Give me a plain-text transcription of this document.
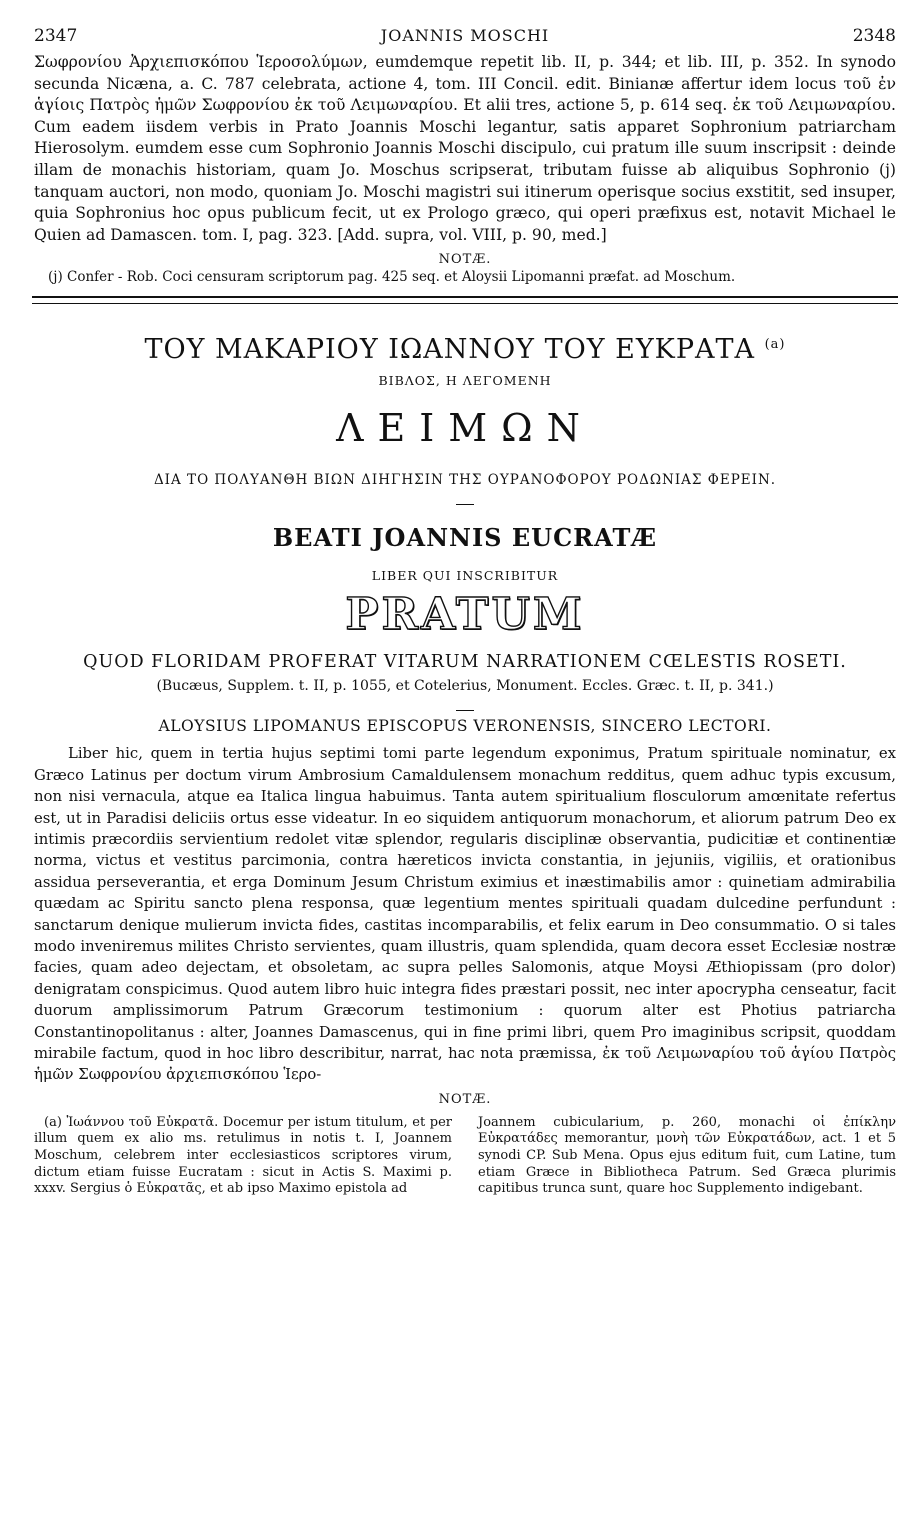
2347	JOANNIS MOSCHI	2348

Σωφρονίου Ἀρχιεπισκόπου Ἱεροσολύμων, eumdemque repetit lib. II, p. 344; et lib. III, p. 352. In synodo secunda Nicæna, a. C. 787 celebrata, actione 4, tom. III Concil. edit. Binianæ affertur idem locus τοῦ ἐν ἁγίοις Πατρὸς ἡμῶν Σωφρονίου ἐκ τοῦ Λειμωναρίου. Et alii tres, actione 5, p. 614 seq. ἐκ τοῦ Λειμωναρίου. Cum eadem iisdem verbis in Prato Joannis Moschi legantur, satis apparet Sophronium patriarcham Hierosolym. eumdem esse cum Sophronio Joannis Moschi discipulo, cui pratum ille suum inscripsit : deinde illam de monachis historiam, quam Jo. Moschus scripserat, tributam fuisse ab aliquibus Sophronio (j) tanquam auctori, non modo, quoniam Jo. Moschi magistri sui itinerum operisque socius exstitit, sed insuper, quia Sophronius hoc opus publicum fecit, ut ex Prologo græco, qui operi præfixus est, notavit Michael le Quien ad Damascen. tom. I, pag. 323. [Add. supra, vol. VIII, p. 90, med.]

NOTÆ.

(j) Confer - Rob. Coci censuram scriptorum pag. 425 seq. et Aloysii Lipomanni præfat. ad Moschum.

ΤΟΥ ΜΑΚΑΡΙΟΥ ΙΩΑΝΝΟΥ ΤΟΥ ΕΥΚΡΑΤΑ $^{(a)}$
ΒΙΒΛΟΣ, Η ΛΕΓΟΜΕΝΗ
ΛΕΙΜΩΝ
ΔΙΑ ΤΟ ΠΟΛΥΑΝΘΗ ΒΙΩΝ ΔΙΗΓΗΣΙΝ ΤΗΣ ΟΥΡΑΝΟΦΟΡΟΥ ΡΟΔΩΝΙΑΣ ΦΕΡΕΙΝ.
BEATI JOANNIS EUCRATÆ
LIBER QUI INSCRIBITUR
PRATUM
QUOD FLORIDAM PROFERAT VITARUM NARRATIONEM CŒLESTIS ROSETI.
(Bucæus, Supplem. t. II, p. 1055, et Cotelerius, Monument. Eccles. Græc. t. II, p. 341.)
ALOYSIUS LIPOMANUS EPISCOPUS VERONENSIS, SINCERO LECTORI.

Liber hic, quem in tertia hujus septimi tomi parte legendum exponimus, Pratum spirituale nominatur, ex Græco Latinus per doctum virum Ambrosium Camaldulensem monachum redditus, quem adhuc typis excusum, non nisi vernacula, atque ea Italica lingua habuimus. Tanta autem spiritualium flosculorum amœnitate refertus est, ut in Paradisi deliciis ortus esse videatur. In eo siquidem antiquorum monachorum, et aliorum patrum Deo ex intimis præcordiis servientium redolet vitæ splendor, regularis disciplinæ observantia, pudicitiæ et continentiæ norma, victus et vestitus parcimonia, contra hæreticos invicta constantia, in jejuniis, vigiliis, et orationibus assidua perseverantia, et erga Dominum Jesum Christum eximius et inæstimabilis amor : quinetiam admirabilia quædam ac Spiritu sancto plena responsa, quæ legentium mentes spirituali quadam dulcedine perfundunt : sanctarum denique mulierum invicta fides, castitas incomparabilis, et felix earum in Deo consummatio. O si tales modo inveniremus milites Christo servientes, quam illustris, quam splendida, quam decora esset Ecclesiæ nostræ facies, quam adeo dejectam, et obsoletam, ac supra pelles Salomonis, atque Moysi Æthiopissam (pro dolor) denigratam conspicimus. Quod autem libro huic integra fides præstari possit, nec inter apocrypha censeatur, facit duorum amplissimorum Patrum Græcorum testimonium : quorum alter est Photius patriarcha Constantinopolitanus : alter, Joannes Damascenus, qui in fine primi libri, quem Pro imaginibus scripsit, quoddam mirabile factum, quod in hoc libro describitur, narrat, hac nota præmissa, ἐκ τοῦ Λειμωναρίου τοῦ ἁγίου Πατρὸς ἡμῶν Σωφρονίου ἀρχιεπισκόπου Ἱερο-

NOTÆ.

(a) Ἰωάννου τοῦ Εὐκρατᾶ. Docemur per istum titulum, et per illum quem ex alio ms. retulimus in notis t. I, Joannem Moschum, celebrem inter ecclesiasticos scriptores virum, dictum etiam fuisse Eucratam : sicut in Actis S. Maximi p. xxxv. Sergius ὁ Εὐκρατᾶς, et ab ipso Maximo epistola ad

Joannem cubicularium, p. 260, monachi οἱ ἐπίκλην Εὐκρατάδες memorantur, μονὴ τῶν Εὐκρατάδων, act. 1 et 5 synodi CP. Sub Mena. Opus ejus editum fuit, cum Latine, tum etiam Græce in Bibliotheca Patrum. Sed Græca plurimis capitibus trunca sunt, quare hoc Supplemento indigebant.
